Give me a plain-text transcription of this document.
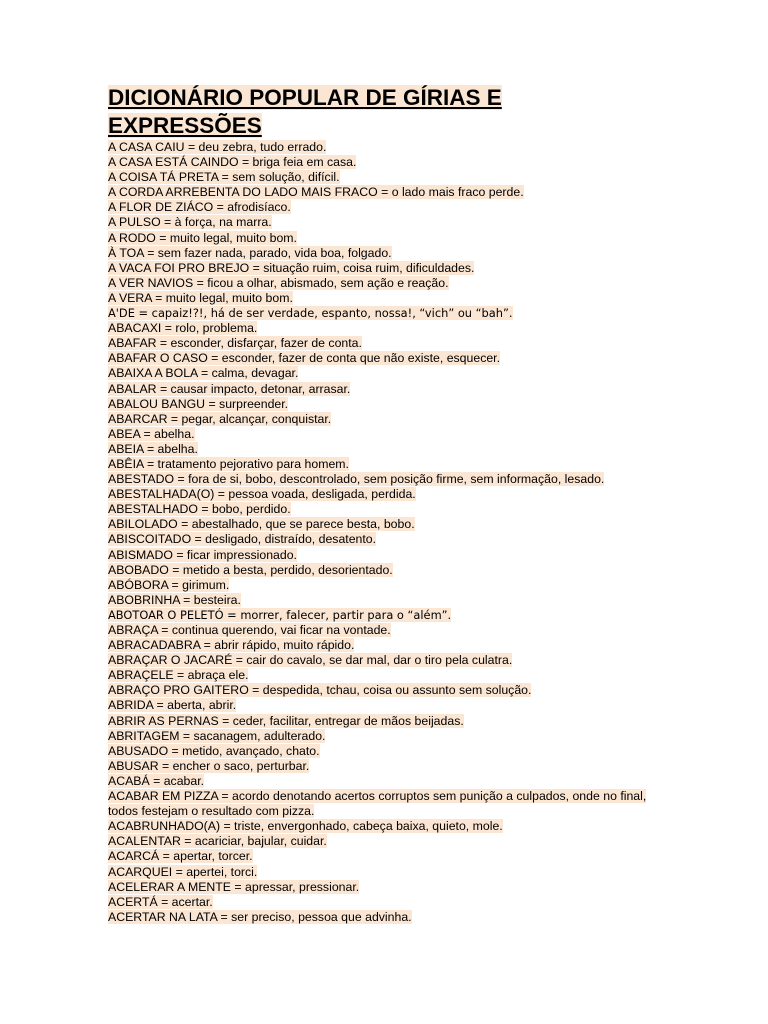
DICIONÁRIO POPULAR DE GÍRIAS E
EXPRESSÕES
A CASA CAIU = deu zebra, tudo errado.
A CASA ESTÁ CAINDO = briga feia em casa.
A COISA TÁ PRETA = sem solução, difícil.
A CORDA ARREBENTA DO LADO MAIS FRACO = o lado mais fraco perde.
A FLOR DE ZIÁCO = afrodisíaco.
A PULSO = à força, na marra.
A RODO = muito legal, muito bom.
À TOA = sem fazer nada, parado, vida boa, folgado.
A VACA FOI PRO BREJO = situação ruim, coisa ruim, dificuldades.
A VER NAVIOS = ficou a olhar, abismado, sem ação e reação.
A VERA = muito legal, muito bom.
A'DE = capaiz!?!, há de ser verdade, espanto, nossa!, “vich” ou “bah”.
ABACAXI = rolo, problema.
ABAFAR = esconder, disfarçar, fazer de conta.
ABAFAR O CASO = esconder, fazer de conta que não existe, esquecer.
ABAIXA A BOLA = calma, devagar.
ABALAR = causar impacto, detonar, arrasar.
ABALOU BANGU = surpreender.
ABARCAR = pegar, alcançar, conquistar.
ABEA = abelha.
ABEIA = abelha.
ABÊIA = tratamento pejorativo para homem.
ABESTADO = fora de si, bobo, descontrolado, sem posição firme, sem informação, lesado.
ABESTALHADA(O) = pessoa voada, desligada, perdida.
ABESTALHADO = bobo, perdido.
ABILOLADO = abestalhado, que se parece besta, bobo.
ABISCOITADO = desligado, distraído, desatento.
ABISMADO = ficar impressionado.
ABOBADO = metido a besta, perdido, desorientado.
ABÓBORA = girimum.
ABOBRINHA = besteira.
ABOTOAR O PELETÓ = morrer, falecer, partir para o “além”.
ABRAÇA = continua querendo, vai ficar na vontade.
ABRACADABRA = abrir rápido, muito rápido.
ABRAÇAR O JACARÉ = cair do cavalo, se dar mal, dar o tiro pela culatra.
ABRAÇELE = abraça ele.
ABRAÇO PRO GAITERO = despedida, tchau, coisa ou assunto sem solução.
ABRIDA = aberta, abrir.
ABRIR AS PERNAS = ceder, facilitar, entregar de mãos beijadas.
ABRITAGEM = sacanagem, adulterado.
ABUSADO = metido, avançado, chato.
ABUSAR = encher o saco, perturbar.
ACABÁ = acabar.
ACABAR EM PIZZA = acordo denotando acertos corruptos sem punição a culpados, onde no final, todos festejam o resultado com pizza.
ACABRUNHADO(A) = triste, envergonhado, cabeça baixa, quieto, mole.
ACALENTAR = acariciar, bajular, cuidar.
ACARCÁ = apertar, torcer.
ACARQUEI = apertei, torci.
ACELERAR A MENTE = apressar, pressionar.
ACERTÁ = acertar.
ACERTAR NA LATA = ser preciso, pessoa que advinha.
